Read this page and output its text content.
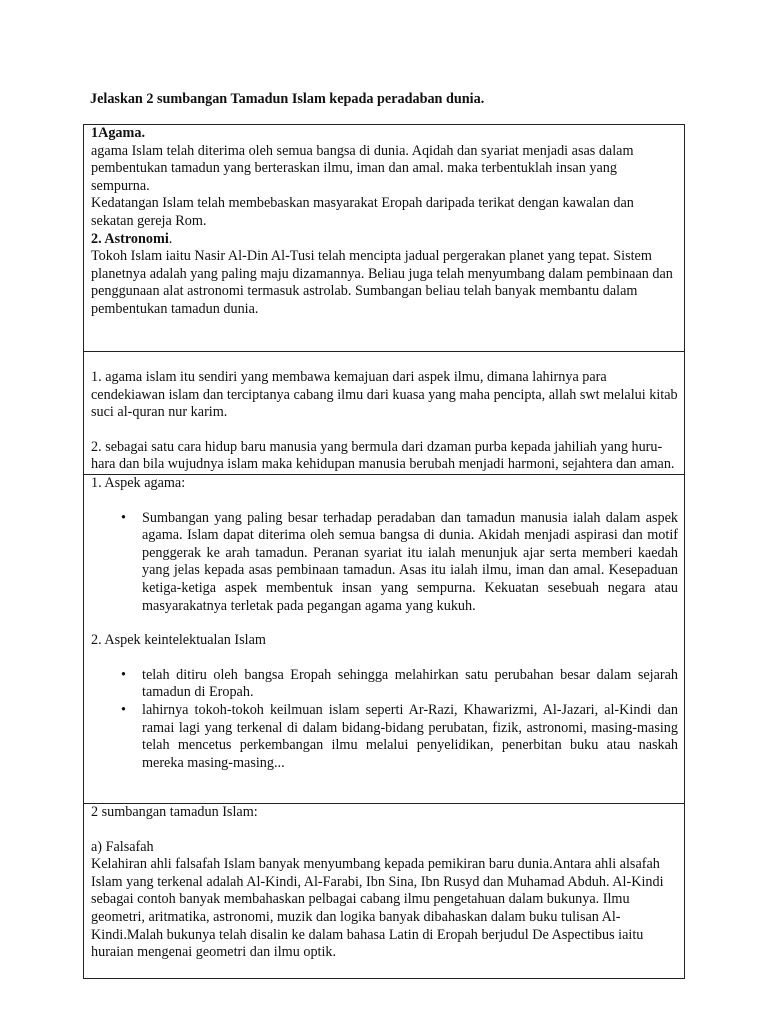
Jelaskan 2 sumbangan Tamadun Islam kepada peradaban dunia.

1Agama.

agama Islam telah diterima oleh semua bangsa di dunia. Aqidah dan syariat menjadi asas dalam pembentukan tamadun yang berteraskan ilmu, iman dan amal. maka terbentuklah insan yang sempurna.

Kedatangan Islam telah membebaskan masyarakat Eropah daripada terikat dengan kawalan dan sekatan gereja Rom.

2. Astronomi.

Tokoh Islam iaitu Nasir Al-Din Al-Tusi telah mencipta jadual pergerakan planet yang tepat. Sistem planetnya adalah yang paling maju dizamannya. Beliau juga telah menyumbang dalam pembinaan dan penggunaan alat astronomi termasuk astrolab. Sumbangan beliau telah banyak membantu dalam pembentukan tamadun dunia.

1. agama islam itu sendiri yang membawa kemajuan dari aspek ilmu, dimana lahirnya para cendekiawan islam dan terciptanya cabang ilmu dari kuasa yang maha pencipta, allah swt melalui kitab suci al-quran nur karim.

2. sebagai satu cara hidup baru manusia yang bermula dari dzaman purba kepada jahiliah yang huru-hara dan bila wujudnya islam maka kehidupan manusia berubah menjadi harmoni, sejahtera dan aman.

1. Aspek agama:

• Sumbangan yang paling besar terhadap peradaban dan tamadun manusia ialah dalam aspek agama. Islam dapat diterima oleh semua bangsa di dunia. Akidah menjadi aspirasi dan motif penggerak ke arah tamadun. Peranan syariat itu ialah menunjuk ajar serta memberi kaedah yang jelas kepada asas pembinaan tamadun. Asas itu ialah ilmu, iman dan amal. Kesepaduan ketiga-ketiga aspek membentuk insan yang sempurna. Kekuatan sesebuah negara atau masyarakatnya terletak pada pegangan agama yang kukuh.

2. Aspek keintelektualan Islam

• telah ditiru oleh bangsa Eropah sehingga melahirkan satu perubahan besar dalam sejarah tamadun di Eropah.
• lahirnya tokoh-tokoh keilmuan islam seperti Ar-Razi, Khawarizmi, Al-Jazari, al-Kindi dan ramai lagi yang terkenal di dalam bidang-bidang perubatan, fizik, astronomi, masing-masing telah mencetus perkembangan ilmu melalui penyelidikan, penerbitan buku atau naskah mereka masing-masing...

2 sumbangan tamadun Islam:

a) Falsafah

Kelahiran ahli falsafah Islam banyak menyumbang kepada pemikiran baru dunia.Antara ahli alsafah Islam yang terkenal adalah Al-Kindi, Al-Farabi, Ibn Sina, Ibn Rusyd dan Muhamad Abduh. Al-Kindi sebagai contoh banyak membahaskan pelbagai cabang ilmu pengetahuan dalam bukunya. Ilmu geometri, aritmatika, astronomi, muzik dan logika banyak dibahaskan dalam buku tulisan Al-Kindi.Malah bukunya telah disalin ke dalam bahasa Latin di Eropah berjudul De Aspectibus iaitu huraian mengenai geometri dan ilmu optik.
